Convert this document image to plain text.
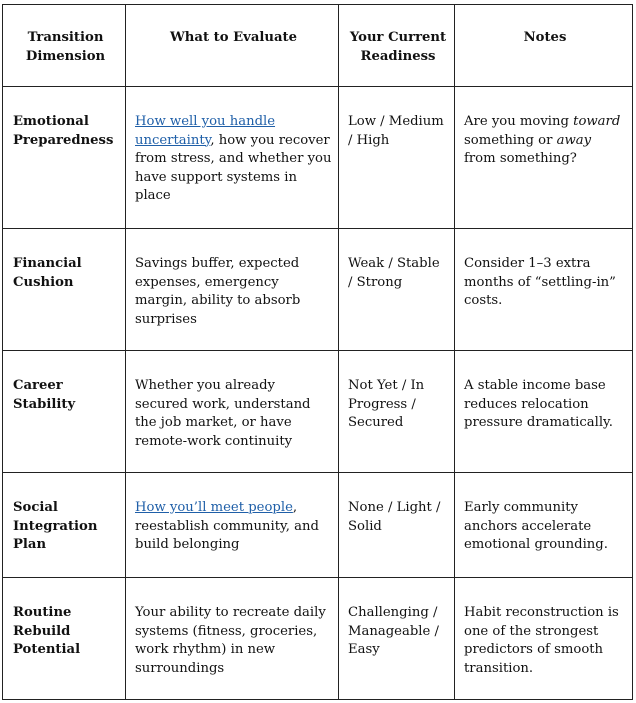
Transition Dimension	What to Evaluate	Your Current Readiness	Notes
Emotional Preparedness	How well you handle uncertainty, how you recover from stress, and whether you have support systems in place	Low / Medium / High	Are you moving toward something or away from something?
Financial Cushion	Savings buffer, expected expenses, emergency margin, ability to absorb surprises	Weak / Stable / Strong	Consider 1–3 extra months of “settling-in” costs.
Career Stability	Whether you already secured work, understand the job market, or have remote-work continuity	Not Yet / In Progress / Secured	A stable income base reduces relocation pressure dramatically.
Social Integration Plan	How you’ll meet people, reestablish community, and build belonging	None / Light / Solid	Early community anchors accelerate emotional grounding.
Routine Rebuild Potential	Your ability to recreate daily systems (fitness, groceries, work rhythm) in new surroundings	Challenging / Manageable / Easy	Habit reconstruction is one of the strongest predictors of smooth transition.
